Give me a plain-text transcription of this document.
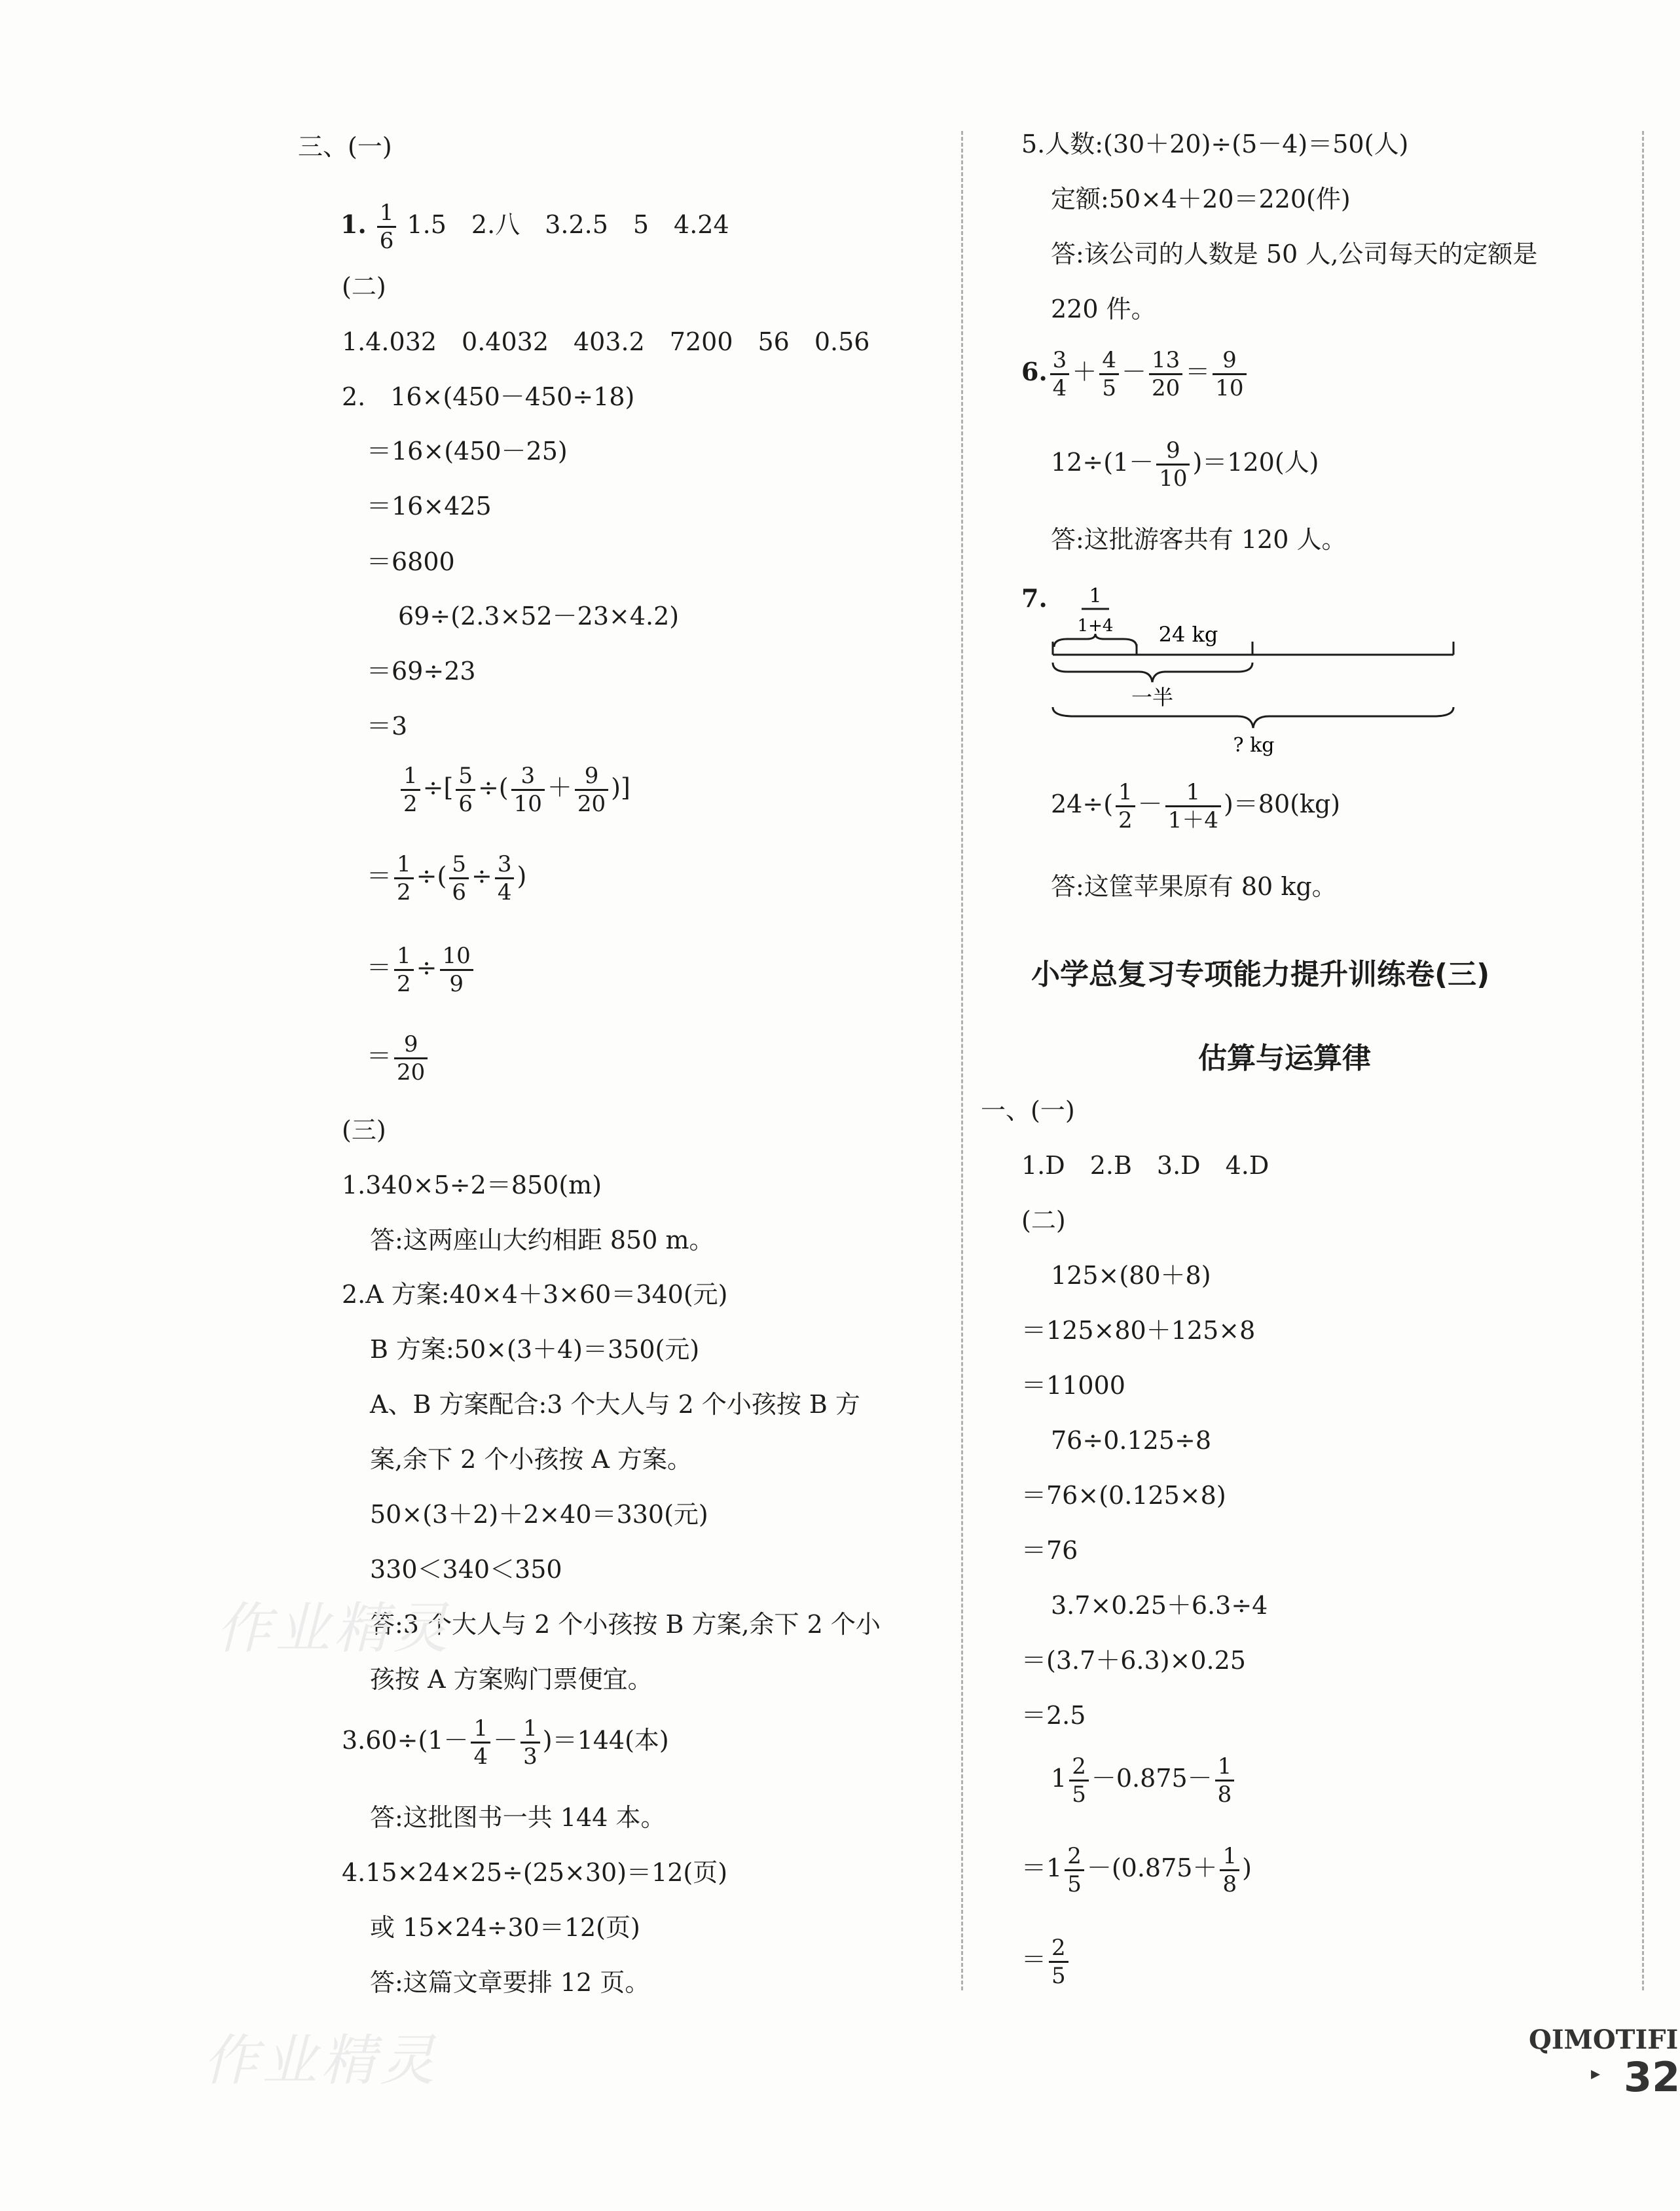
三、(一)
1. $\frac{1}{6} 1.5$　2.八　3.2.5　5　4.24
(二)
1.4.032　0.4032　403.2　7200　56　0.56
2.　16×(450－450÷18)
＝16×(450－25)
＝16×425
＝6800
69÷(2.3×52－23×4.2)
＝69÷23
＝3
$\frac{1}{2}$ ÷[ $\frac{5}{6}$ ÷( $\frac{3}{10} + \frac{9}{20}$ )]
＝ $\frac{1}{2}$ ÷( $\frac{5}{6} \div \frac{3}{4}$ )
＝ $\frac{1}{2} \div \frac{10}{9}$
＝ $\frac{9}{20}$
(三)
1.340×5÷2＝850(m)
答:这两座山大约相距 850 m。
2.A 方案:40×4＋3×60＝340(元)
B 方案:50×(3＋4)＝350(元)
A、B 方案配合:3 个大人与 2 个小孩按 B 方
案,余下 2 个小孩按 A 方案。
50×(3＋2)＋2×40＝330(元)
330＜340＜350
答:3 个大人与 2 个小孩按 B 方案,余下 2 个小
孩按 A 方案购门票便宜。
$3.60\div(1- \frac{1}{4} - \frac{1}{3} )=144$(本)
答:这批图书一共 144 本。
4.15×24×25÷(25×30)＝12(页)
或 15×24÷30＝12(页)
答:这篇文章要排 12 页。
5.人数:(30＋20)÷(5－4)＝50(人)
定额:50×4＋20＝220(件)
答:该公司的人数是 50 人,公司每天的定额是
220 件。
6. $\frac{3}{4} + \frac{4}{5} - \frac{13}{20} = \frac{9}{10}$
$12\div(1- \frac{9}{10} )=120$(人)
答:这批游客共有 120 人。
7. 1
1+4 24 kg
一半
? kg
$24\div( \frac{1}{2} - \frac{1}{1+4} )=80(kg)$
答:这筐苹果原有 80 kg。
小学总复习专项能力提升训练卷(三)
估算与运算律
一、(一)
1.D　2.B　3.D　4.D
(二)
125×(80＋8)
＝125×80＋125×8
＝11000
76÷0.125÷8
＝76×(0.125×8)
＝76
3.7×0.25＋6.3÷4
＝(3.7＋6.3)×0.25
＝2.5
$1 \frac{2}{5} -0.875- \frac{1}{8}$
$=1 \frac{2}{5} -(0.875+ \frac{1}{8}$ )
＝ $\frac{2}{5}$
作业精灵
作业精灵	QIMOTIFI
▸ 32
